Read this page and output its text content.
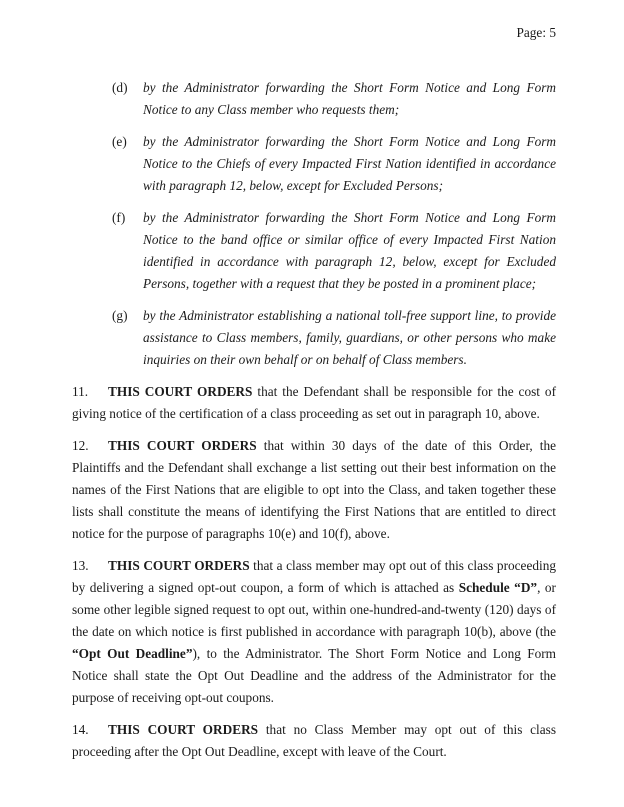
Page: 5

(d) by the Administrator forwarding the Short Form Notice and Long Form Notice to any Class member who requests them;

(e) by the Administrator forwarding the Short Form Notice and Long Form Notice to the Chiefs of every Impacted First Nation identified in accordance with paragraph 12, below, except for Excluded Persons;

(f) by the Administrator forwarding the Short Form Notice and Long Form Notice to the band office or similar office of every Impacted First Nation identified in accordance with paragraph 12, below, except for Excluded Persons, together with a request that they be posted in a prominent place;

(g) by the Administrator establishing a national toll-free support line, to provide assistance to Class members, family, guardians, or other persons who make inquiries on their own behalf or on behalf of Class members.

11. THIS COURT ORDERS that the Defendant shall be responsible for the cost of giving notice of the certification of a class proceeding as set out in paragraph 10, above.

12. THIS COURT ORDERS that within 30 days of the date of this Order, the Plaintiffs and the Defendant shall exchange a list setting out their best information on the names of the First Nations that are eligible to opt into the Class, and taken together these lists shall constitute the means of identifying the First Nations that are entitled to direct notice for the purpose of paragraphs 10(e) and 10(f), above.

13. THIS COURT ORDERS that a class member may opt out of this class proceeding by delivering a signed opt-out coupon, a form of which is attached as Schedule “D”, or some other legible signed request to opt out, within one-hundred-and-twenty (120) days of the date on which notice is first published in accordance with paragraph 10(b), above (the “Opt Out Deadline”), to the Administrator. The Short Form Notice and Long Form Notice shall state the Opt Out Deadline and the address of the Administrator for the purpose of receiving opt-out coupons.

14. THIS COURT ORDERS that no Class Member may opt out of this class proceeding after the Opt Out Deadline, except with leave of the Court.
